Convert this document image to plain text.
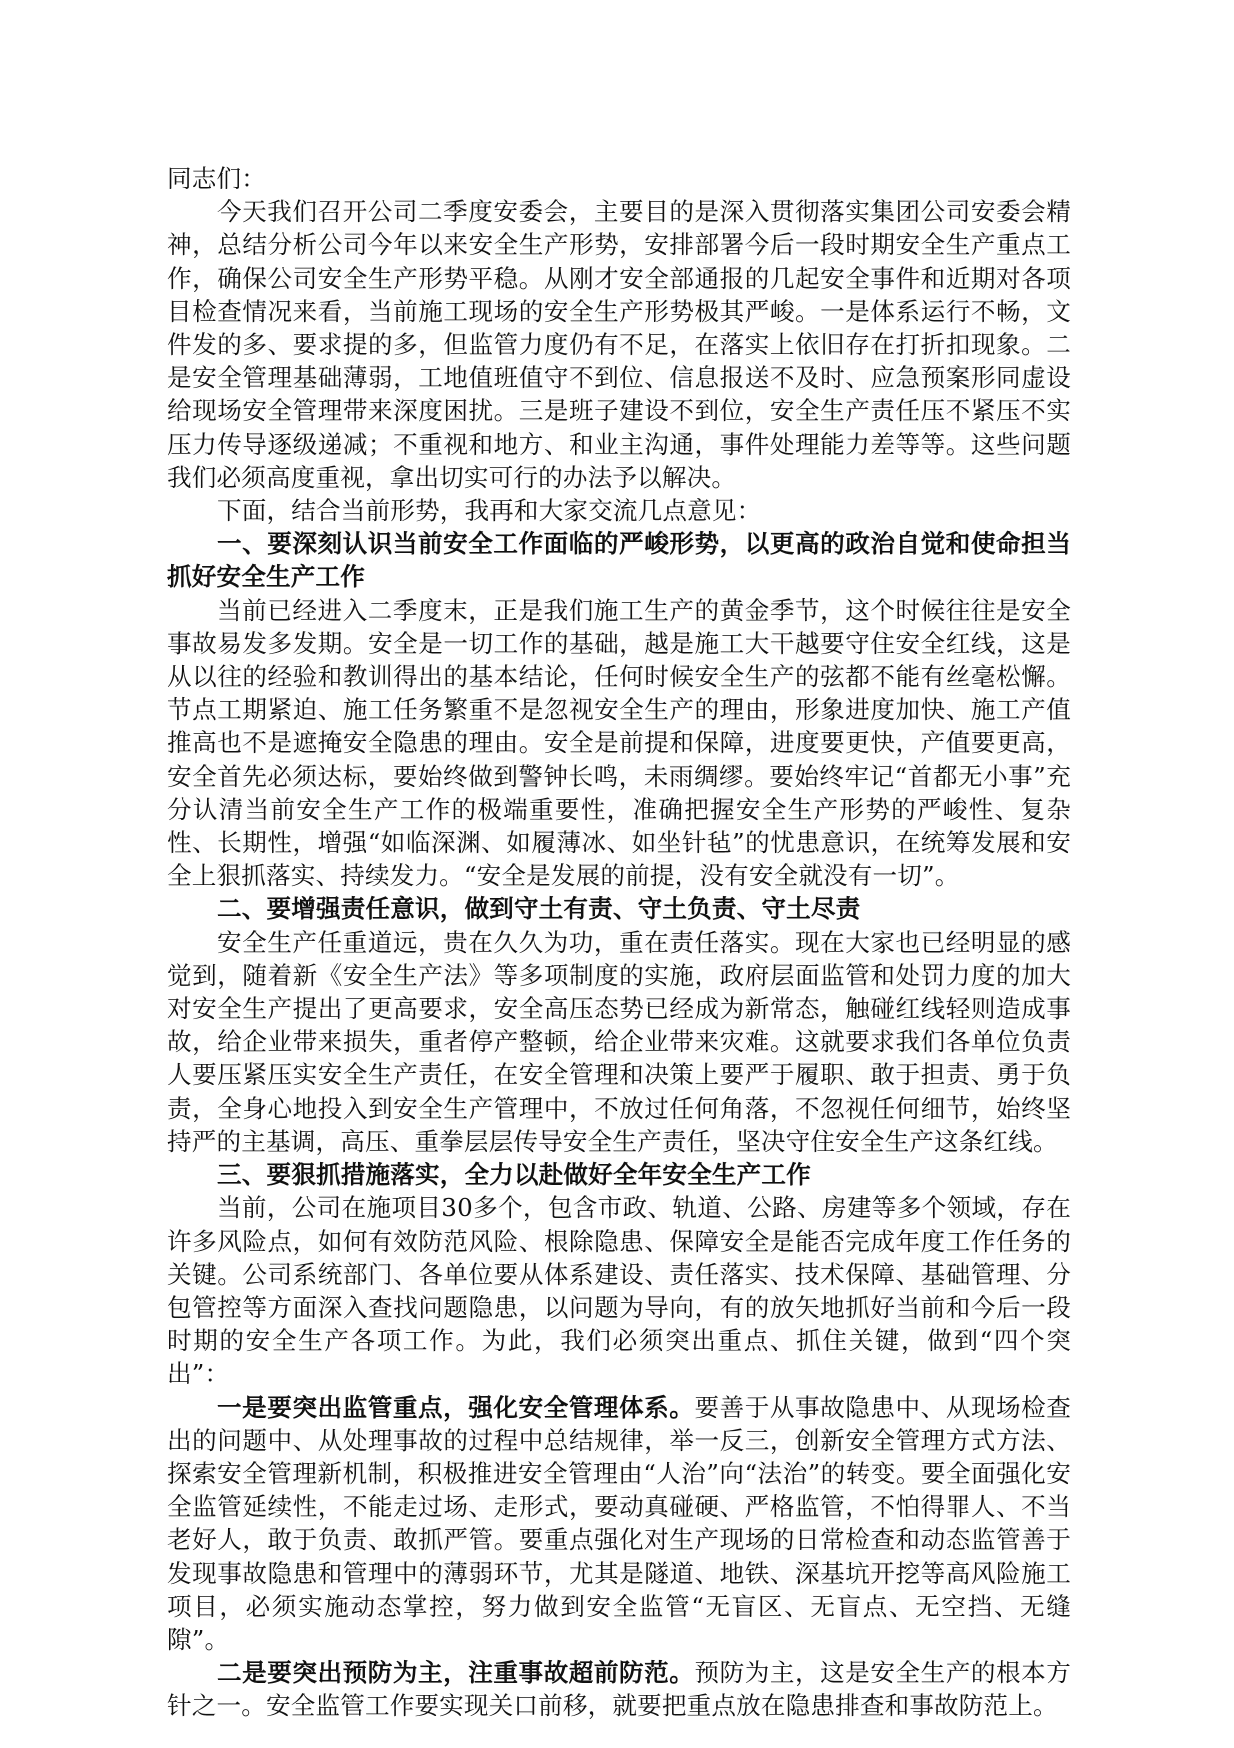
同志们：

今天我们召开公司二季度安委会，主要目的是深入贯彻落实集团公司安委会精神，总结分析公司今年以来安全生产形势，安排部署今后一段时期安全生产重点工作，确保公司安全生产形势平稳。从刚才安全部通报的几起安全事件和近期对各项目检查情况来看，当前施工现场的安全生产形势极其严峻。一是体系运行不畅，文件发的多、要求提的多，但监管力度仍有不足，在落实上依旧存在打折扣现象。二是安全管理基础薄弱，工地值班值守不到位、信息报送不及时、应急预案形同虚设给现场安全管理带来深度困扰。三是班子建设不到位，安全生产责任压不紧压不实压力传导逐级递减；不重视和地方、和业主沟通，事件处理能力差等等。这些问题我们必须高度重视，拿出切实可行的办法予以解决。

下面，结合当前形势，我再和大家交流几点意见：

一、要深刻认识当前安全工作面临的严峻形势，以更高的政治自觉和使命担当抓好安全生产工作

当前已经进入二季度末，正是我们施工生产的黄金季节，这个时候往往是安全事故易发多发期。安全是一切工作的基础，越是施工大干越要守住安全红线，这是从以往的经验和教训得出的基本结论，任何时候安全生产的弦都不能有丝毫松懈。节点工期紧迫、施工任务繁重不是忽视安全生产的理由，形象进度加快、施工产值推高也不是遮掩安全隐患的理由。安全是前提和保障，进度要更快，产值要更高，安全首先必须达标，要始终做到警钟长鸣，未雨绸缪。要始终牢记“首都无小事”充分认清当前安全生产工作的极端重要性，准确把握安全生产形势的严峻性、复杂性、长期性，增强“如临深渊、如履薄冰、如坐针毡”的忧患意识，在统筹发展和安全上狠抓落实、持续发力。“安全是发展的前提，没有安全就没有一切”。

二、要增强责任意识，做到守土有责、守土负责、守土尽责

安全生产任重道远，贵在久久为功，重在责任落实。现在大家也已经明显的感觉到，随着新《安全生产法》等多项制度的实施，政府层面监管和处罚力度的加大对安全生产提出了更高要求，安全高压态势已经成为新常态，触碰红线轻则造成事故，给企业带来损失，重者停产整顿，给企业带来灾难。这就要求我们各单位负责人要压紧压实安全生产责任，在安全管理和决策上要严于履职、敢于担责、勇于负责，全身心地投入到安全生产管理中，不放过任何角落，不忽视任何细节，始终坚持严的主基调，高压、重拳层层传导安全生产责任，坚决守住安全生产这条红线。

三、要狠抓措施落实，全力以赴做好全年安全生产工作

当前，公司在施项目30多个，包含市政、轨道、公路、房建等多个领域，存在许多风险点，如何有效防范风险、根除隐患、保障安全是能否完成年度工作任务的关键。公司系统部门、各单位要从体系建设、责任落实、技术保障、基础管理、分包管控等方面深入查找问题隐患，以问题为导向，有的放矢地抓好当前和今后一段时期的安全生产各项工作。为此，我们必须突出重点、抓住关键，做到“四个突出”：

一是要突出监管重点，强化安全管理体系。要善于从事故隐患中、从现场检查出的问题中、从处理事故的过程中总结规律，举一反三，创新安全管理方式方法、探索安全管理新机制，积极推进安全管理由“人治”向“法治”的转变。要全面强化安全监管延续性，不能走过场、走形式，要动真碰硬、严格监管，不怕得罪人、不当老好人，敢于负责、敢抓严管。要重点强化对生产现场的日常检查和动态监管善于发现事故隐患和管理中的薄弱环节，尤其是隧道、地铁、深基坑开挖等高风险施工项目，必须实施动态掌控，努力做到安全监管“无盲区、无盲点、无空挡、无缝隙”。

二是要突出预防为主，注重事故超前防范。预防为主，这是安全生产的根本方针之一。安全监管工作要实现关口前移，就要把重点放在隐患排查和事故防范上。
